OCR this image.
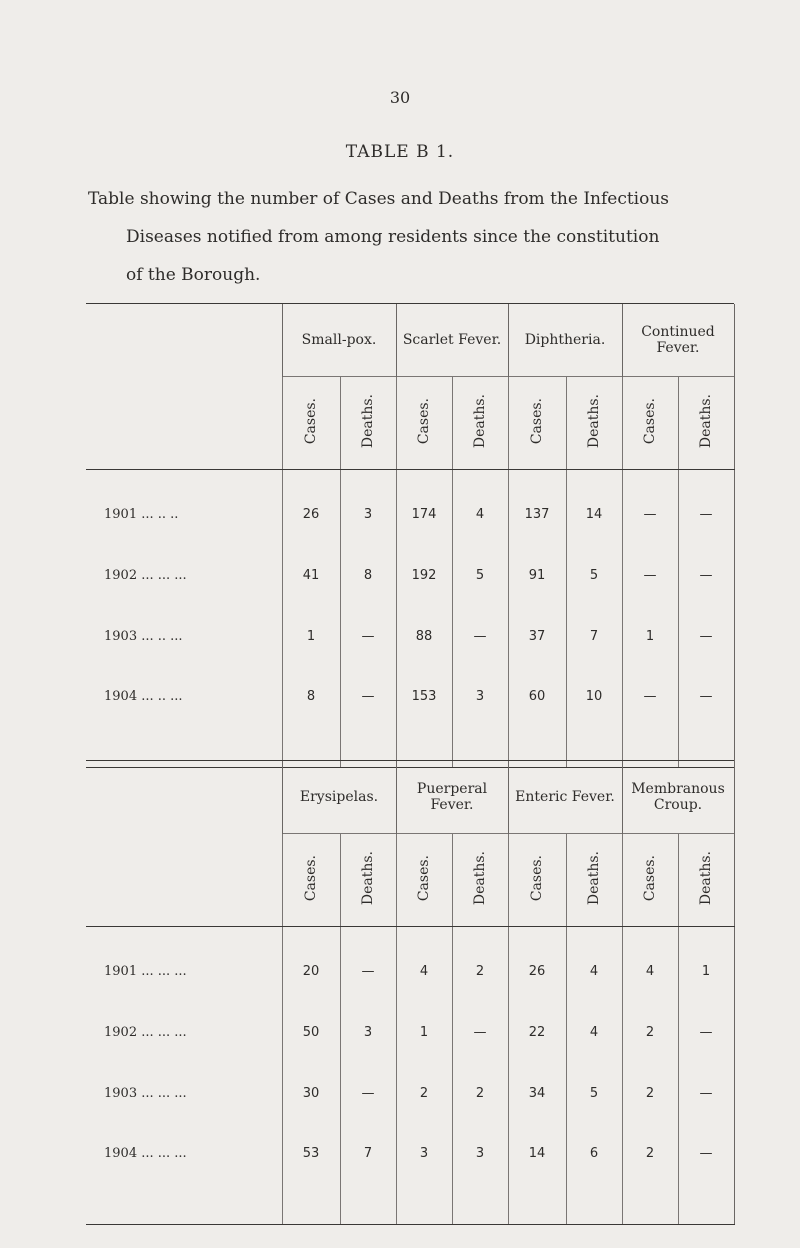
30
TABLE B 1.
Table showing the number of Cases and Deaths from the Infectious
Diseases notified from among residents since the constitution
of the Borough.

	Small-pox.		Scarlet Fever.		Diphtheria.		Continued Fever.	
	Cases.	Deaths.	Cases.	Deaths.	Cases.	Deaths.	Cases.	Deaths.
1901 ... .. ..	26	3	174	4	137	14	—	—
1902 ... ... ...	41	8	192	5	91	5	—	—
1903 ... .. ...	1	—	88	—	37	7	1	—
1904 ... .. ...	8	—	153	3	60	10	—	—

	Erysipelas.		Puerperal Fever.		Enteric Fever.		Membranous Croup.	
	Cases.	Deaths.	Cases.	Deaths.	Cases.	Deaths.	Cases.	Deaths.
1901 ... ... ...	20	—	4	2	26	4	4	1
1902 ... ... ...	50	3	1	—	22	4	2	—
1903 ... ... ...	30	—	2	2	34	5	2	—
1904 ... ... ...	53	7	3	3	14	6	2	—
